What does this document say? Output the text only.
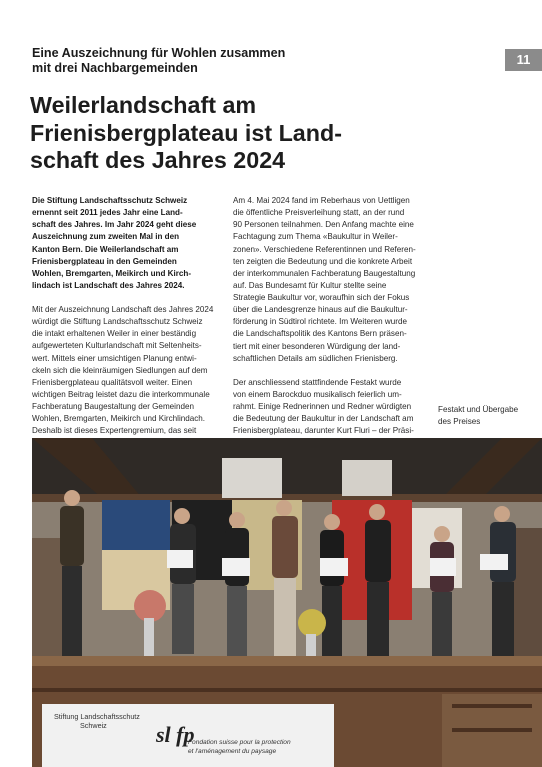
Eine Auszeichnung für Wohlen zusammen
mit drei Nachbargemeinden
11
Weilerlandschaft am
Frienisbergplateau ist Land-
schaft des Jahres 2024
Die Stiftung Landschaftsschutz Schweiz
ernennt seit 2011 jedes Jahr eine Land-
schaft des Jahres. Im Jahr 2024 geht diese
Auszeichnung zum zweiten Mal in den
Kanton Bern. Die Weilerlandschaft am
Frienisbergplateau in den Gemeinden
Wohlen, Bremgarten, Meikirch und Kirch-
lindach ist Landschaft des Jahres 2024.
Mit der Auszeichnung Landschaft des Jahres 2024
würdigt die Stiftung Landschaftsschutz Schweiz
die intakt erhaltenen Weiler in einer beständig
aufgewerteten Kulturlandschaft mit Seltenheits-
wert. Mittels einer umsichtigen Planung entwi-
ckeln sich die kleinräumigen Siedlungen auf dem
Frienisbergplateau qualitätsvoll weiter. Einen
wichtigen Beitrag leistet dazu die interkommunale
Fachberatung Baugestaltung der Gemeinden
Wohlen, Bremgarten, Meikirch und Kirchlindach.
Deshalb ist dieses Expertengremium, das seit
Am 4. Mai 2024 fand im Reberhaus von Uettligen
die öffentliche Preisverleihung statt, an der rund
90 Personen teilnahmen. Den Anfang machte eine
Fachtagung zum Thema «Baukultur in Weiler-
zonen». Verschiedene Referentinnen und Referen-
ten zeigten die Bedeutung und die konkrete Arbeit
der interkommunalen Fachberatung Baugestaltung
auf. Das Bundesamt für Kultur stellte seine
Strategie Baukultur vor, woraufhin sich der Fokus
über die Landesgrenze hinaus auf die Baukultur-
förderung in Südtirol richtete. Im Weiteren wurde
die Landschaftspolitik des Kantons Bern präsen-
tiert mit einer besonderen Würdigung der land-
schaftlichen Details am südlichen Frienisberg.
Der anschliessend stattfindende Festakt wurde
von einem Barockduo musikalisch feierlich um-
rahmt. Einige Rednerinnen und Redner würdigten
die Bedeutung der Baukultur in der Landschaft am
Frienisbergplateau, darunter Kurt Fluri – der Präsi-
Festakt und Übergabe
des Preises
Stiftung Landschaftsschutz
Schweiz sl fp
Fondation suisse pour la protection
et l'aménagement du paysage
